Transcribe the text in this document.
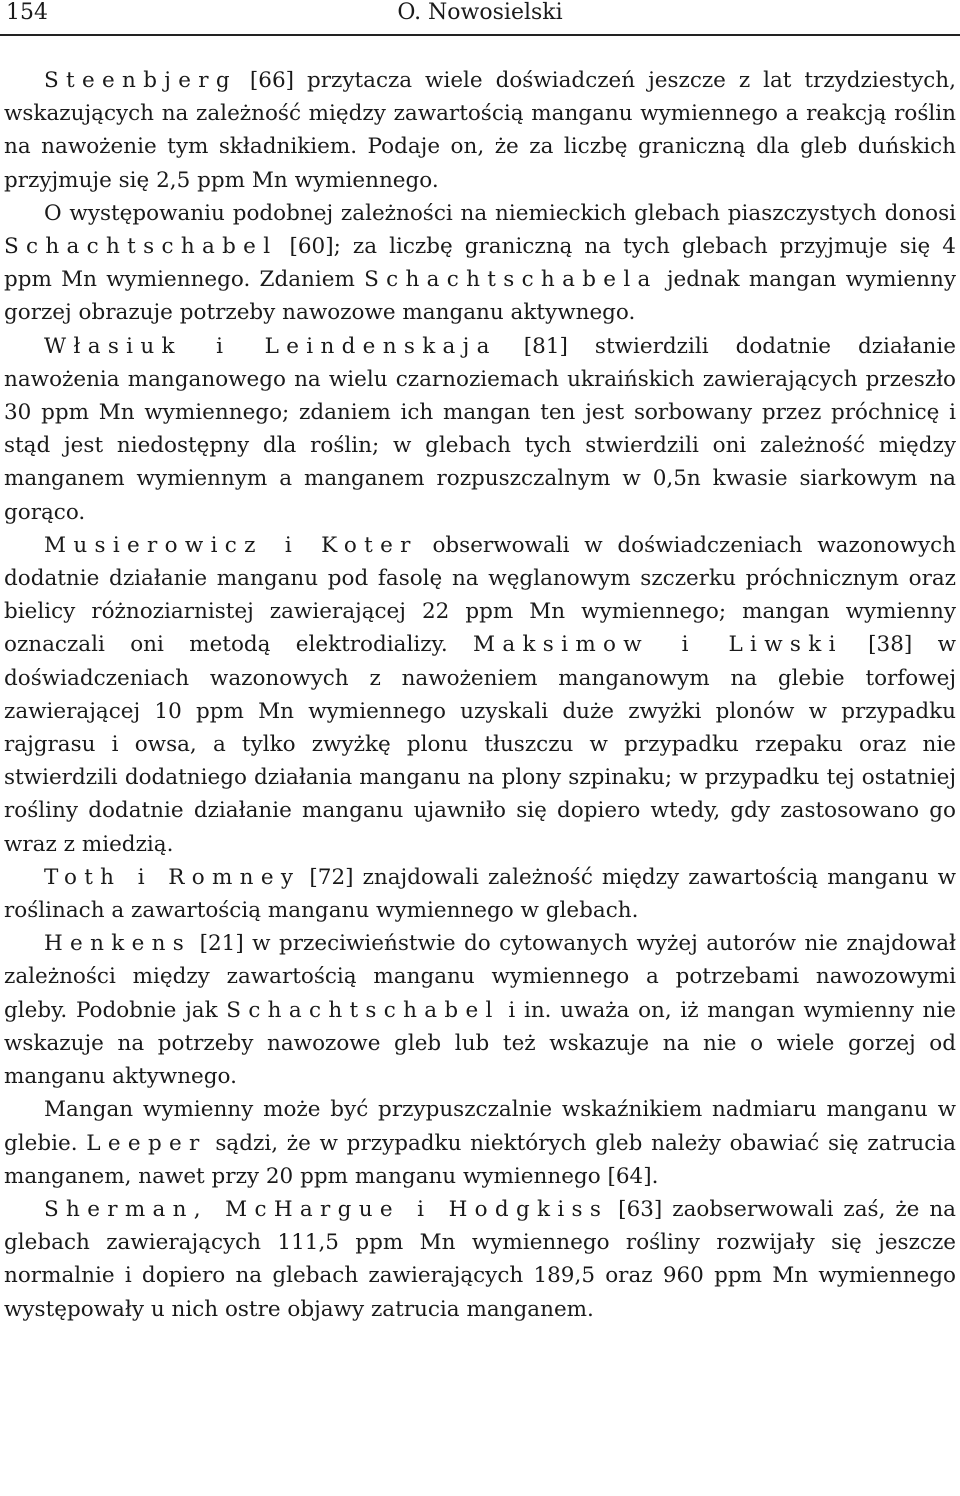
154	O. Nowosielski

Steenbjerg [66] przytacza wiele doświadczeń jeszcze z lat trzydziestych, wskazujących na zależność między zawartością manganu wymiennego a reakcją roślin na nawożenie tym składnikiem. Podaje on, że za liczbę graniczną dla gleb duńskich przyjmuje się 2,5 ppm Mn wymiennego.

O występowaniu podobnej zależności na niemieckich glebach piaszczystych donosi Schachtschabel [60]; za liczbę graniczną na tych glebach przyjmuje się 4 ppm Mn wymiennego. Zdaniem Schachtschabela jednak mangan wymienny gorzej obrazuje potrzeby nawozowe manganu aktywnego.

Własiuk i Leindenskaja [81] stwierdzili dodatnie działanie nawożenia manganowego na wielu czarnoziemach ukraińskich zawierających przeszło 30 ppm Mn wymiennego; zdaniem ich mangan ten jest sorbowany przez próchnicę i stąd jest niedostępny dla roślin; w glebach tych stwierdzili oni zależność między manganem wymiennym a manganem rozpuszczalnym w 0,5n kwasie siarkowym na gorąco.

Musierowicz i Koter obserwowali w doświadczeniach wazonowych dodatnie działanie manganu pod fasolę na węglanowym szczerku próchnicznym oraz bielicy różnoziarnistej zawierającej 22 ppm Mn wymiennego; mangan wymienny oznaczali oni metodą elektrodializy. Maksimow i Liwski [38] w doświadczeniach wazonowych z nawożeniem manganowym na glebie torfowej zawierającej 10 ppm Mn wymiennego uzyskali duże zwyżki plonów w przypadku rajgrasu i owsa, a tylko zwyżkę plonu tłuszczu w przypadku rzepaku oraz nie stwierdzili dodatniego działania manganu na plony szpinaku; w przypadku tej ostatniej rośliny dodatnie działanie manganu ujawniło się dopiero wtedy, gdy zastosowano go wraz z miedzią.

Toth i Romney [72] znajdowali zależność między zawartością manganu w roślinach a zawartością manganu wymiennego w glebach.

Henkens [21] w przeciwieństwie do cytowanych wyżej autorów nie znajdował zależności między zawartością manganu wymiennego a potrzebami nawozowymi gleby. Podobnie jak Schachtschabel i in. uważa on, iż mangan wymienny nie wskazuje na potrzeby nawozowe gleb lub też wskazuje na nie o wiele gorzej od manganu aktywnego.

Mangan wymienny może być przypuszczalnie wskaźnikiem nadmiaru manganu w glebie. Leeper sądzi, że w przypadku niektórych gleb należy obawiać się zatrucia manganem, nawet przy 20 ppm manganu wymiennego [64].

Sherman, McHargue i Hodgkiss [63] zaobserwowali zaś, że na glebach zawierających 111,5 ppm Mn wymiennego rośliny rozwijały się jeszcze normalnie i dopiero na glebach zawierających 189,5 oraz 960 ppm Mn wymiennego występowały u nich ostre objawy zatrucia manganem.
